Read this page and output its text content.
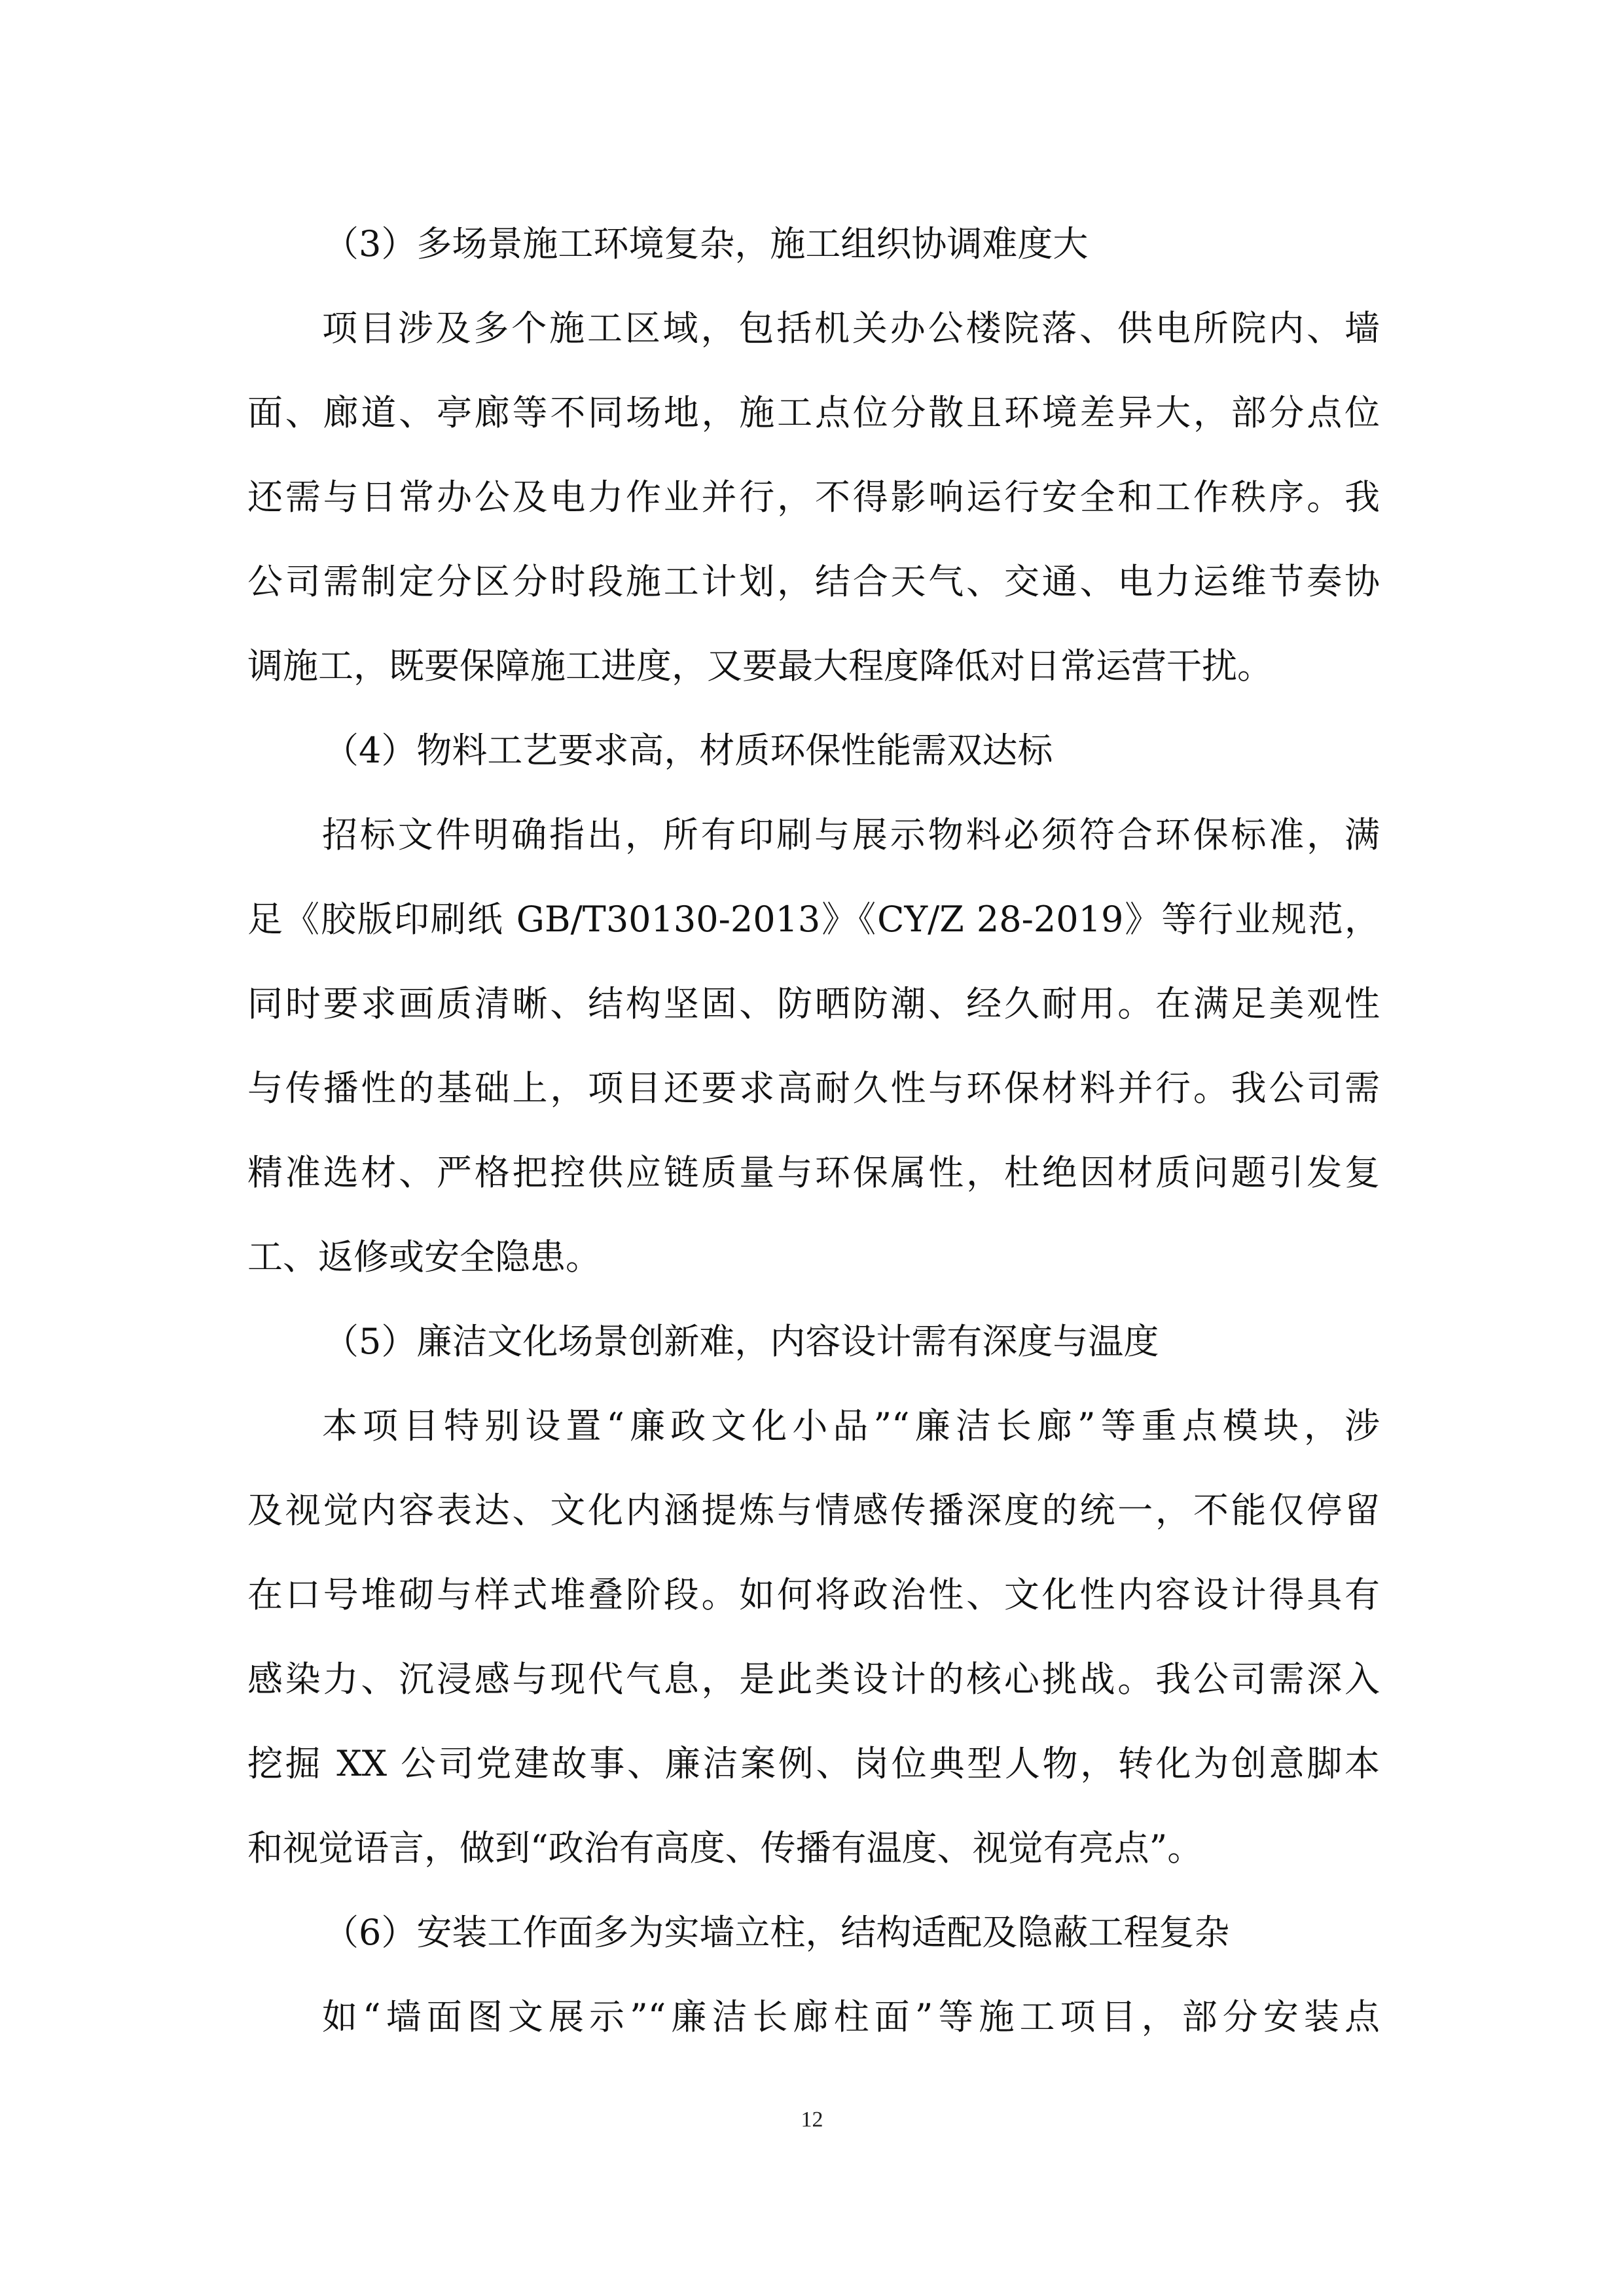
（3）多场景施工环境复杂，施工组织协调难度大
项目涉及多个施工区域，包括机关办公楼院落、供电所院内、墙
面、廊道、亭廊等不同场地，施工点位分散且环境差异大，部分点位
还需与日常办公及电力作业并行，不得影响运行安全和工作秩序。我
公司需制定分区分时段施工计划，结合天气、交通、电力运维节奏协
调施工，既要保障施工进度，又要最大程度降低对日常运营干扰。
（4）物料工艺要求高，材质环保性能需双达标
招标文件明确指出，所有印刷与展示物料必须符合环保标准，满
足《胶版印刷纸 GB/T30130-2013》《CY/Z 28-2019》等行业规范，
同时要求画质清晰、结构坚固、防晒防潮、经久耐用。在满足美观性
与传播性的基础上，项目还要求高耐久性与环保材料并行。我公司需
精准选材、严格把控供应链质量与环保属性，杜绝因材质问题引发复
工、返修或安全隐患。
（5）廉洁文化场景创新难，内容设计需有深度与温度
本项目特别设置“廉政文化小品”“廉洁长廊”等重点模块，涉
及视觉内容表达、文化内涵提炼与情感传播深度的统一，不能仅停留
在口号堆砌与样式堆叠阶段。如何将政治性、文化性内容设计得具有
感染力、沉浸感与现代气息，是此类设计的核心挑战。我公司需深入
挖掘 XX 公司党建故事、廉洁案例、岗位典型人物，转化为创意脚本
和视觉语言，做到“政治有高度、传播有温度、视觉有亮点”。
（6）安装工作面多为实墙立柱，结构适配及隐蔽工程复杂
如“墙面图文展示”“廉洁长廊柱面”等施工项目，部分安装点
12
